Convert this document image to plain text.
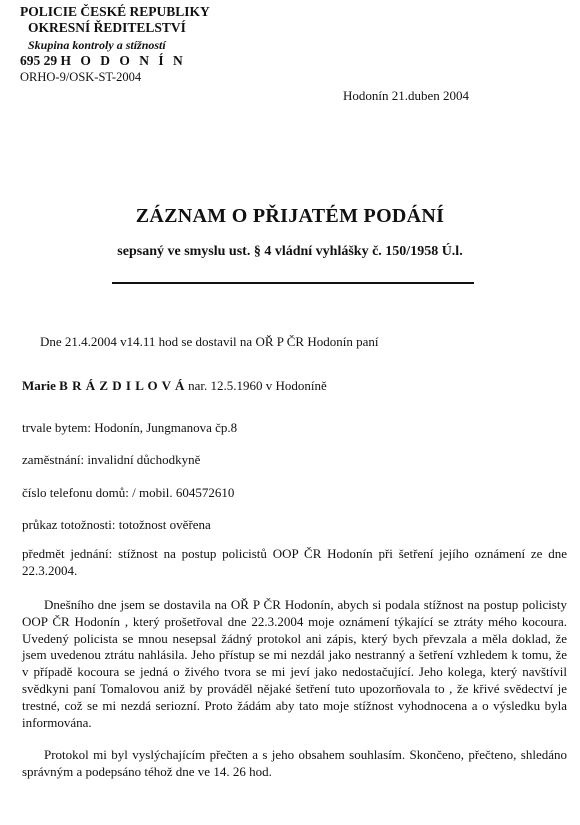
POLICIE ČESKÉ REPUBLIKY
OKRESNÍ ŘEDITELSTVÍ
Skupina kontroly a stížností
695 29 H O D O N Í N
ORHO-9/OSK-ST-2004
Hodonín 21.duben 2004
ZÁZNAM O PŘIJATÉM PODÁNÍ
sepsaný ve smyslu ust. § 4 vládní vyhlášky č. 150/1958 Ú.l.
Dne 21.4.2004 v14.11 hod se dostavil na OŘ P ČR Hodonín paní
Marie B R Á Z D I L O V Á nar. 12.5.1960 v Hodoníně
trvale bytem: Hodonín, Jungmanova čp.8
zaměstnání: invalidní důchodkyně
číslo telefonu domů: / mobil. 604572610
průkaz totožnosti: totožnost ověřena
předmět jednání: stížnost na postup policistů OOP ČR Hodonín při šetření jejího oznámení ze dne 22.3.2004.
Dnešního dne jsem se dostavila na OŘ P ČR Hodonín, abych si podala stížnost na postup policisty OOP ČR Hodonín , který prošetřoval dne 22.3.2004 moje oznámení týkající se ztráty mého kocoura. Uvedený policista se mnou nesepsal žádný protokol ani zápis, který bych převzala a měla doklad, že jsem uvedenou ztrátu nahlásila. Jeho přístup se mi nezdál jako nestranný a šetření vzhledem k tomu, že v případě kocoura se jedná o živého tvora se mi jeví jako nedostačující. Jeho kolega, který navštívil svědkyni paní Tomalovou aniž by prováděl nějaké šetření tuto upozorňovala to , že křivé svědectví je trestné, což se mi nezdá seriozní. Proto žádám aby tato moje stížnost vyhodnocena a o výsledku byla informována.
Protokol mi byl vyslýchajícím přečten a s jeho obsahem souhlasím. Skončeno, přečteno, shledáno správným a podepsáno téhož dne ve 14. 26 hod.
